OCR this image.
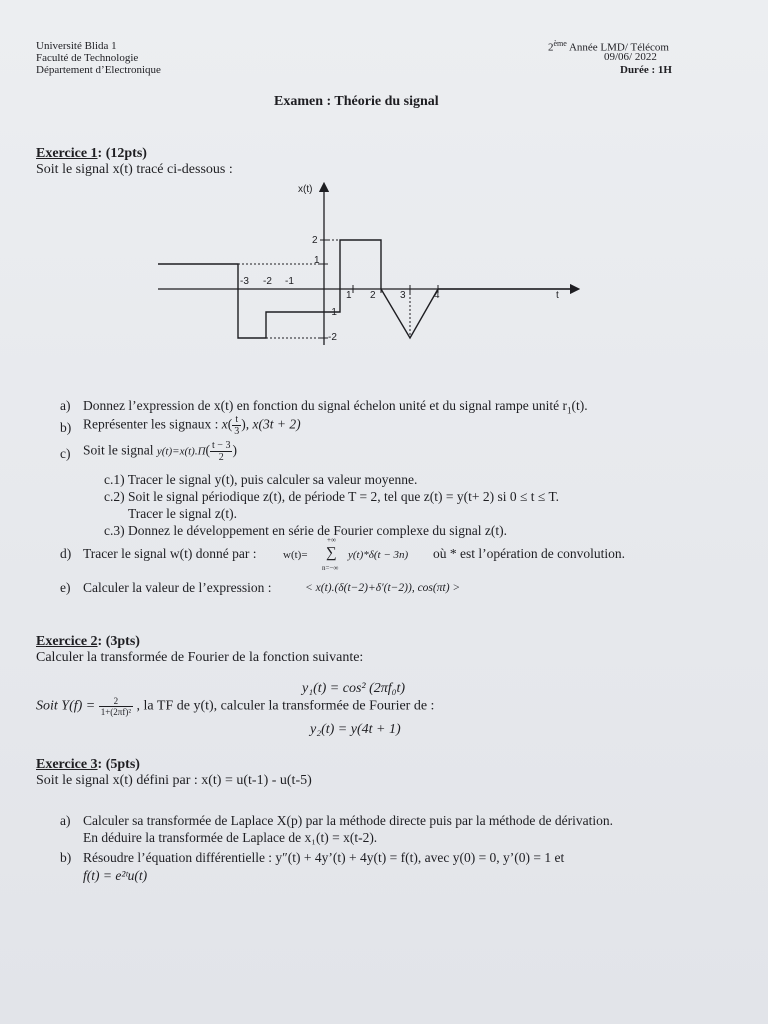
Université Blida 1
Faculté de Technologie
Département d’Electronique
2ème Année LMD/ Télécom
09/06/ 2022
Durée : 1H
Examen : Théorie du signal
Exercice 1: (12pts)
Soit le signal x(t) tracé ci-dessous :
x(t)
t
2
1
-1
-2
-3 -2 -1
1 2 3	4
a) Donnez l’expression de x(t) en fonction du signal échelon unité et du signal rampe unité $r_1(t)$.
b) Représenter les signaux : $x( \frac{t}{3}$ ), x(3t + 2)
c) Soit le signal $y(t)=x(t).\Pi( \frac{t - 3}{2}$ )
c.1) Tracer le signal y(t), puis calculer sa valeur moyenne.
c.2) Soit le signal périodique z(t), de période T = 2, tel que z(t) = y(t+ 2) si 0 ≤ t ≤ T.
Tracer le signal z(t).
c.3) Donnez le développement en série de Fourier complexe du signal z(t).
d) Tracer le signal w(t) donné par : w(t)=
+∞
∑
n=−∞
y(t)*δ(t − 3n) où * est l’opération de convolution.
e) Calculer la valeur de l’expression :	< x(t).(δ(t−2)+δ′(t−2)), cos(πt) >
Exercice 2: (3pts)
Calculer la transformée de Fourier de la fonction suivante:
y₁(t) = cos² (2πf₀t)
Soit $Y(f) = \frac{2}{\text{1+(2πf)²}}$ , la TF de y(t), calculer la transformée de Fourier de :
y₂(t) = y(4t + 1)
Exercice 3: (5pts)
Soit le signal x(t) défini par : x(t) = u(t-1) - u(t-5)
a) Calculer sa transformée de Laplace X(p) par la méthode directe puis par la méthode de dérivation.
En déduire la transformée de Laplace de x₁(t) = x(t-2).
b) Résoudre l’équation différentielle : y″(t) + 4y’(t) + 4y(t) = f(t), avec y(0) = 0, y’(0) = 1 et
f(t) = e²ᵗu(t)
